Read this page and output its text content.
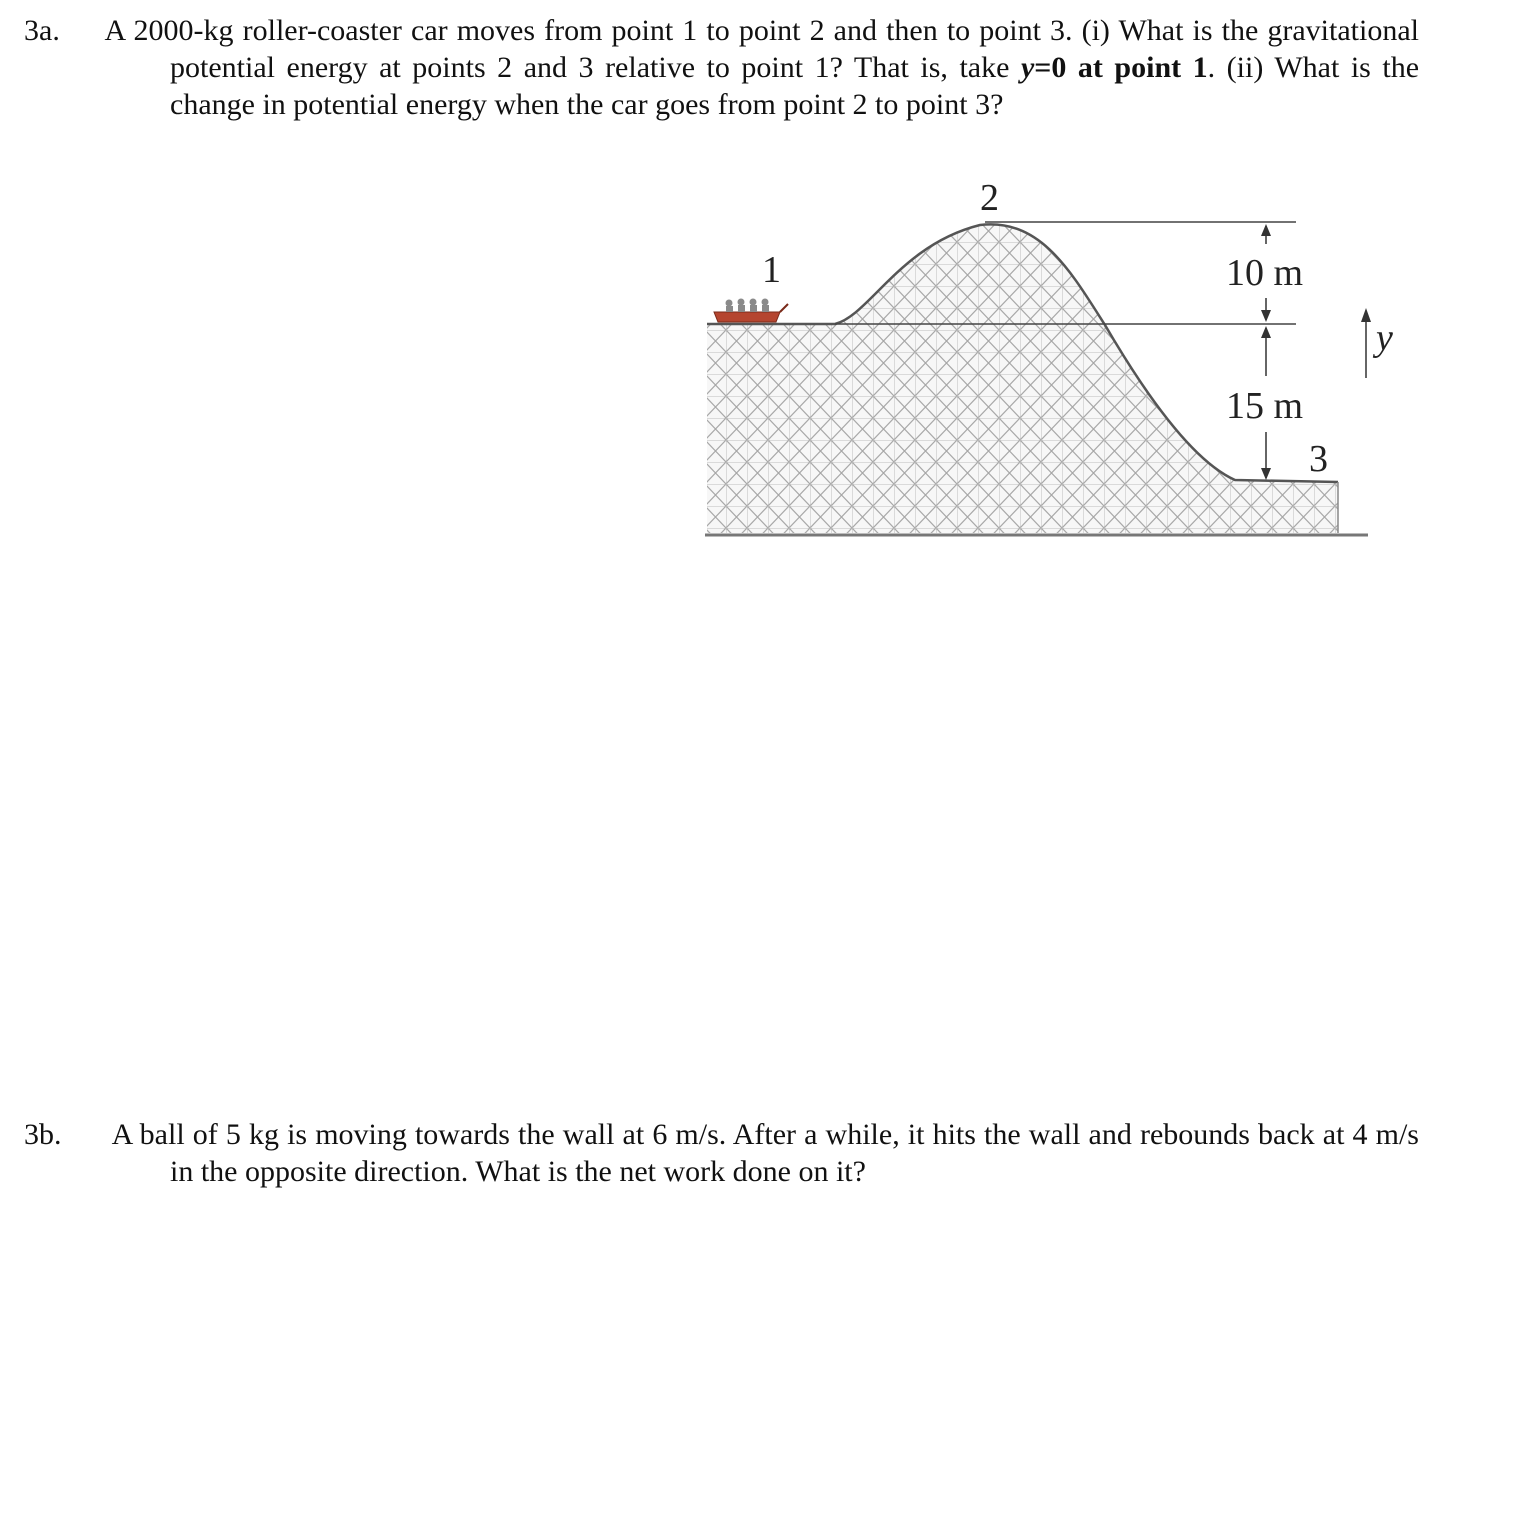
3a. A 2000-kg roller-coaster car moves from point 1 to point 2 and then to point 3. (i) What is the gravitational potential energy at points 2 and 3 relative to point 1? That is, take y=0 at point 1. (ii) What is the change in potential energy when the car goes from point 2 to point 3?

1
2
3
10 m
15 m
y

3b. A ball of 5 kg is moving towards the wall at 6 m/s. After a while, it hits the wall and rebounds back at 4 m/s in the opposite direction. What is the net work done on it?
